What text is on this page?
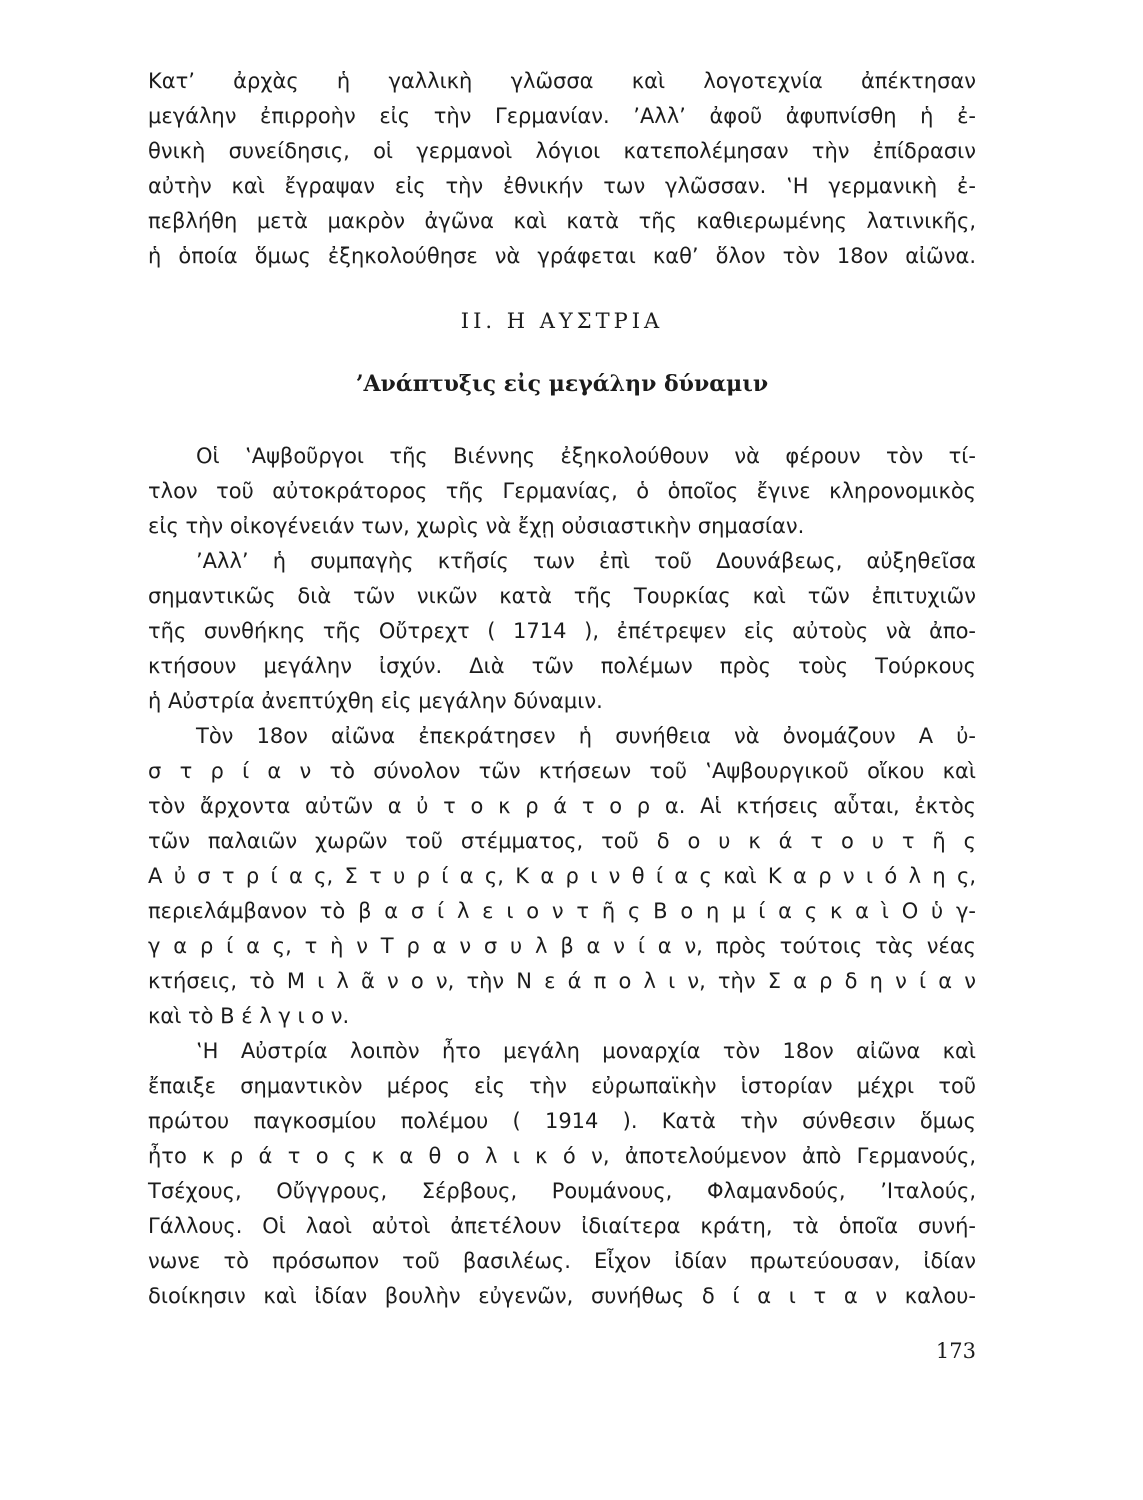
Κατ’ ἀρχὰς ἡ γαλλικὴ γλῶσσα καὶ λογοτεχνία ἀπέκτησαν
μεγάλην ἐπιρροὴν εἰς τὴν Γερμανίαν. ’Αλλ’ ἀφοῦ ἀφυπνίσθη ἡ ἐ-
θνικὴ συνείδησις, οἱ γερμανοὶ λόγιοι κατεπολέμησαν τὴν ἐπίδρασιν
αὐτὴν καὶ ἔγραψαν εἰς τὴν ἐθνικήν των γλῶσσαν. ‛Η γερμανικὴ ἐ-
πεβλήθη μετὰ μακρὸν ἀγῶνα καὶ κατὰ τῆς καθιερωμένης λατινικῆς,
ἡ ὁποία ὅμως ἐξηκολούθησε νὰ γράφεται καθ’ ὅλον τὸν 18ον αἰῶνα.
II. Η ΑΥΣΤΡΙΑ
’Ανάπτυξις εἰς μεγάλην δύναμιν
Οἱ ‛Αψβοῦργοι τῆς Βιέννης ἐξηκολούθουν νὰ φέρουν τὸν τί-
τλον τοῦ αὐτοκράτορος τῆς Γερμανίας, ὁ ὁποῖος ἔγινε κληρονομικὸς
εἰς τὴν οἰκογένειάν των, χωρὶς νὰ ἔχῃ οὐσιαστικὴν σημασίαν.
’Αλλ’ ἡ συμπαγὴς κτῆσίς των ἐπὶ τοῦ Δουνάβεως, αὐξηθεῖσα
σημαντικῶς διὰ τῶν νικῶν κατὰ τῆς Τουρκίας καὶ τῶν ἐπιτυχιῶν
τῆς συνθήκης τῆς Οὔτρεχτ ( 1714 ), ἐπέτρεψεν εἰς αὐτοὺς νὰ ἀπο-
κτήσουν μεγάλην ἰσχύν. Διὰ τῶν πολέμων πρὸς τοὺς Τούρκους
ἡ Αὐστρία ἀνεπτύχθη εἰς μεγάλην δύναμιν.
Τὸν 18ον αἰῶνα ἐπεκράτησεν ἡ συνήθεια νὰ ὀνομάζουν Α ὐ-
σ τ ρ ί α ν τὸ σύνολον τῶν κτήσεων τοῦ ‛Αψβουργικοῦ οἴκου καὶ
τὸν ἄρχοντα αὐτῶν α ὐ τ ο κ ρ ά τ ο ρ α. Αἱ κτήσεις αὗται, ἐκτὸς
τῶν παλαιῶν χωρῶν τοῦ στέμματος, τοῦ δ ο υ κ ά τ ο υ τ ῆ ς
Α ὐ σ τ ρ ί α ς, Σ τ υ ρ ί α ς, Κ α ρ ι ν θ ί α ς καὶ Κ α ρ ν ι ό λ η ς,
περιελάμβανον τὸ β α σ ί λ ε ι ο ν τ ῆ ς Β ο η μ ί α ς κ α ὶ Ο ὑ γ-
γ α ρ ί α ς, τ ὴ ν Τ ρ α ν σ υ λ β α ν ί α ν, πρὸς τούτοις τὰς νέας
κτήσεις, τὸ Μ ι λ ᾶ ν ο ν, τὴν Ν ε ά π ο λ ι ν, τὴν Σ α ρ δ η ν ί α ν
καὶ τὸ Β έ λ γ ι ο ν.
‛Η Αὐστρία λοιπὸν ἦτο μεγάλη μοναρχία τὸν 18ον αἰῶνα καὶ
ἔπαιξε σημαντικὸν μέρος εἰς τὴν εὐρωπαϊκὴν ἱστορίαν μέχρι τοῦ
πρώτου παγκοσμίου πολέμου ( 1914 ). Κατὰ τὴν σύνθεσιν ὅμως
ἦτο κ ρ ά τ ο ς κ α θ ο λ ι κ ό ν, ἀποτελούμενον ἀπὸ Γερμανούς,
Τσέχους, Οὔγγρους, Σέρβους, Ρουμάνους, Φλαμανδούς, ’Ιταλούς,
Γάλλους. Οἱ λαοὶ αὐτοὶ ἀπετέλουν ἰδιαίτερα κράτη, τὰ ὁποῖα συνή-
νωνε τὸ πρόσωπον τοῦ βασιλέως. Εἶχον ἰδίαν πρωτεύουσαν, ἰδίαν
διοίκησιν καὶ ἰδίαν βουλὴν εὐγενῶν, συνήθως δ ί α ι τ α ν καλου-
173
